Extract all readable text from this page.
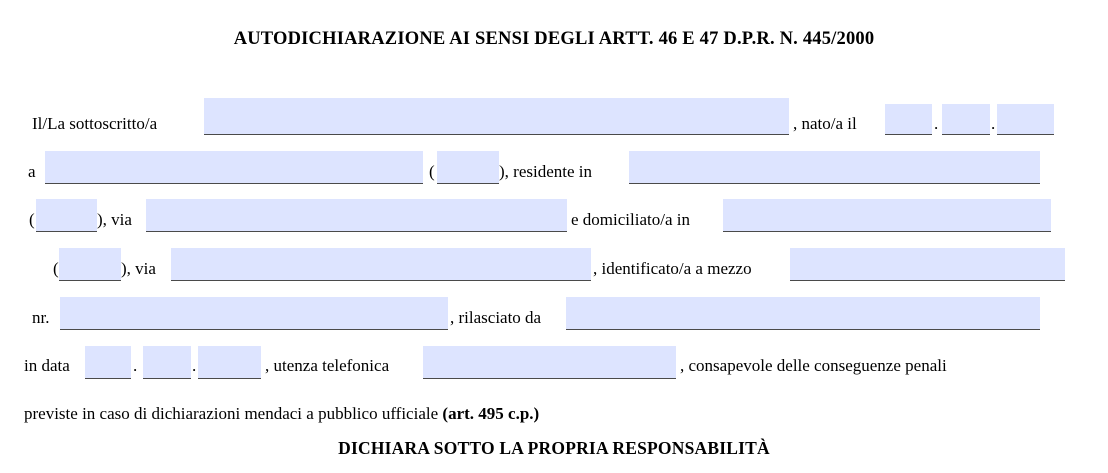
AUTODICHIARAZIONE AI SENSI DEGLI ARTT. 46 E 47 D.P.R. N. 445/2000
Il/La sottoscritto/a	, nato/a il	.	.
a	(	), residente in
(	), via	e domiciliato/a in
(	), via	, identificato/a a mezzo
nr.	, rilasciato da
in data	.	.	, utenza telefonica	, consapevole delle conseguenze penali
previste in caso di dichiarazioni mendaci a pubblico ufficiale (art. 495 c.p.)
DICHIARA SOTTO LA PROPRIA RESPONSABILITÀ
